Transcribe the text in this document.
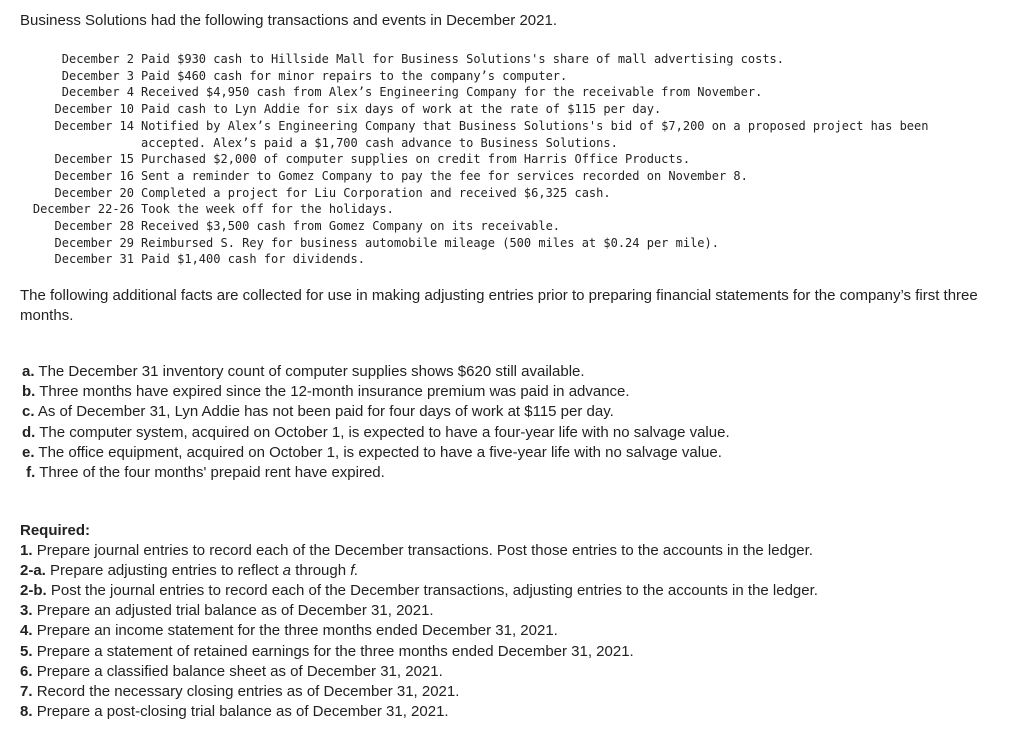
Business Solutions had the following transactions and events in December 2021.
December 2 Paid $930 cash to Hillside Mall for Business Solutions's share of mall advertising costs.
December 3 Paid $460 cash for minor repairs to the company’s computer.
December 4 Received $4,950 cash from Alex’s Engineering Company for the receivable from November.
December 10 Paid cash to Lyn Addie for six days of work at the rate of $115 per day.
December 14 Notified by Alex’s Engineering Company that Business Solutions's bid of $7,200 on a proposed project has been
accepted. Alex’s paid a $1,700 cash advance to Business Solutions.
December 15 Purchased $2,000 of computer supplies on credit from Harris Office Products.
December 16 Sent a reminder to Gomez Company to pay the fee for services recorded on November 8.
December 20 Completed a project for Liu Corporation and received $6,325 cash.
December 22-26 Took the week off for the holidays.
December 28 Received $3,500 cash from Gomez Company on its receivable.
December 29 Reimbursed S. Rey for business automobile mileage (500 miles at $0.24 per mile).
December 31 Paid $1,400 cash for dividends.
The following additional facts are collected for use in making adjusting entries prior to preparing financial statements for the company’s first three months.
a. The December 31 inventory count of computer supplies shows $620 still available.
b. Three months have expired since the 12-month insurance premium was paid in advance.
c. As of December 31, Lyn Addie has not been paid for four days of work at $115 per day.
d. The computer system, acquired on October 1, is expected to have a four-year life with no salvage value.
e. The office equipment, acquired on October 1, is expected to have a five-year life with no salvage value.
f. Three of the four months' prepaid rent have expired.
Required:
1. Prepare journal entries to record each of the December transactions. Post those entries to the accounts in the ledger.
2-a. Prepare adjusting entries to reflect a through f.
2-b. Post the journal entries to record each of the December transactions, adjusting entries to the accounts in the ledger.
3. Prepare an adjusted trial balance as of December 31, 2021.
4. Prepare an income statement for the three months ended December 31, 2021.
5. Prepare a statement of retained earnings for the three months ended December 31, 2021.
6. Prepare a classified balance sheet as of December 31, 2021.
7. Record the necessary closing entries as of December 31, 2021.
8. Prepare a post-closing trial balance as of December 31, 2021.
